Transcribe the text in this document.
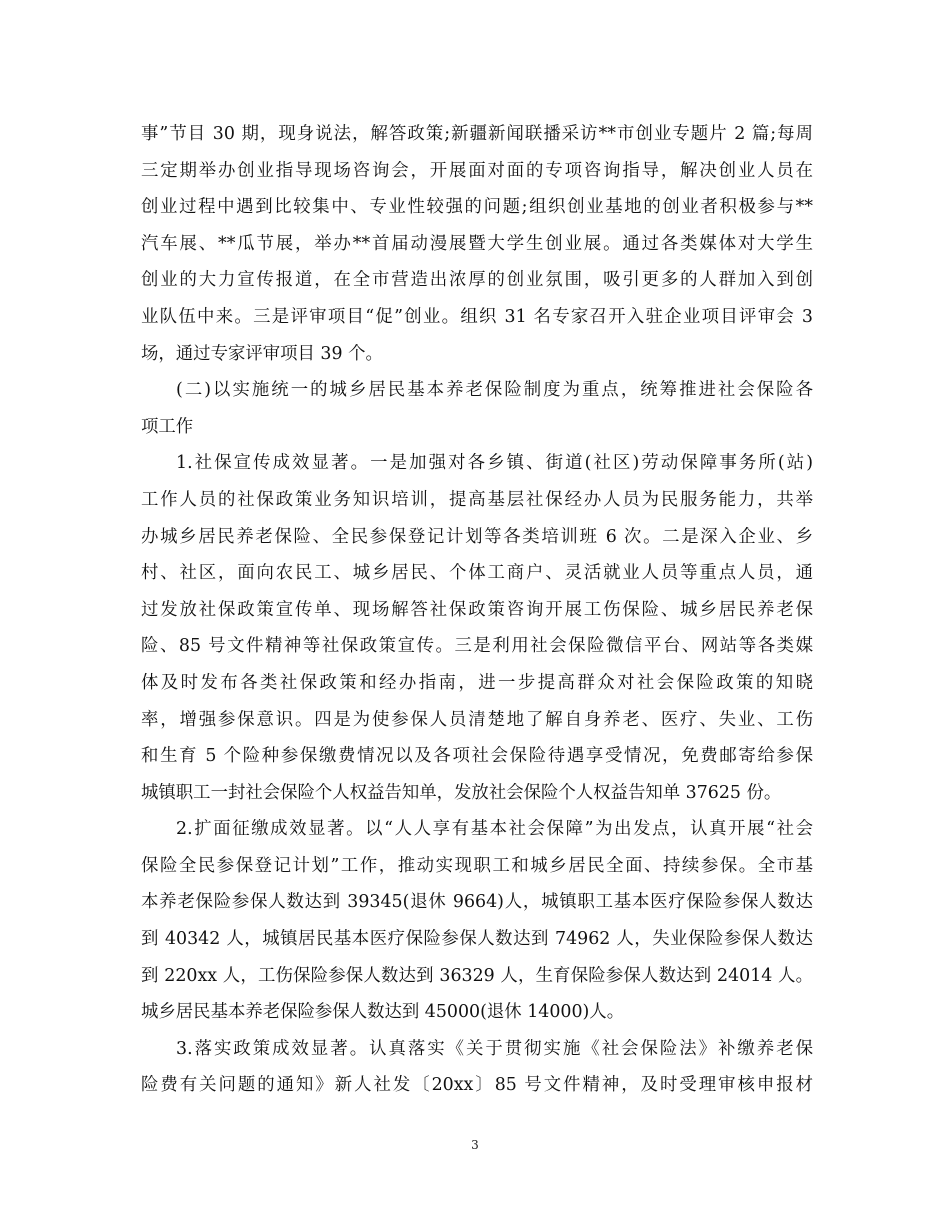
事”节目 30 期，现身说法，解答政策;新疆新闻联播采访**市创业专题片 2 篇;每周
三定期举办创业指导现场咨询会，开展面对面的专项咨询指导，解决创业人员在
创业过程中遇到比较集中、专业性较强的问题;组织创业基地的创业者积极参与**
汽车展、**瓜节展，举办**首届动漫展暨大学生创业展。通过各类媒体对大学生
创业的大力宣传报道，在全市营造出浓厚的创业氛围，吸引更多的人群加入到创
业队伍中来。三是评审项目“促”创业。组织 31 名专家召开入驻企业项目评审会 3
场，通过专家评审项目 39 个。
(二)以实施统一的城乡居民基本养老保险制度为重点，统筹推进社会保险各
项工作
1.社保宣传成效显著。一是加强对各乡镇、街道(社区)劳动保障事务所(站)
工作人员的社保政策业务知识培训，提高基层社保经办人员为民服务能力，共举
办城乡居民养老保险、全民参保登记计划等各类培训班 6 次。二是深入企业、乡
村、社区，面向农民工、城乡居民、个体工商户、灵活就业人员等重点人员，通
过发放社保政策宣传单、现场解答社保政策咨询开展工伤保险、城乡居民养老保
险、85 号文件精神等社保政策宣传。三是利用社会保险微信平台、网站等各类媒
体及时发布各类社保政策和经办指南，进一步提高群众对社会保险政策的知晓
率，增强参保意识。四是为使参保人员清楚地了解自身养老、医疗、失业、工伤
和生育 5 个险种参保缴费情况以及各项社会保险待遇享受情况，免费邮寄给参保
城镇职工一封社会保险个人权益告知单，发放社会保险个人权益告知单 37625 份。
2.扩面征缴成效显著。以“人人享有基本社会保障”为出发点，认真开展“社会
保险全民参保登记计划”工作，推动实现职工和城乡居民全面、持续参保。全市基
本养老保险参保人数达到 39345(退休 9664)人，城镇职工基本医疗保险参保人数达
到 40342 人，城镇居民基本医疗保险参保人数达到 74962 人，失业保险参保人数达
到 220xx 人，工伤保险参保人数达到 36329 人，生育保险参保人数达到 24014 人。
城乡居民基本养老保险参保人数达到 45000(退休 14000)人。
3.落实政策成效显著。认真落实《关于贯彻实施《社会保险法》补缴养老保
险费有关问题的通知》新人社发〔20xx〕85 号文件精神，及时受理审核申报材
3
